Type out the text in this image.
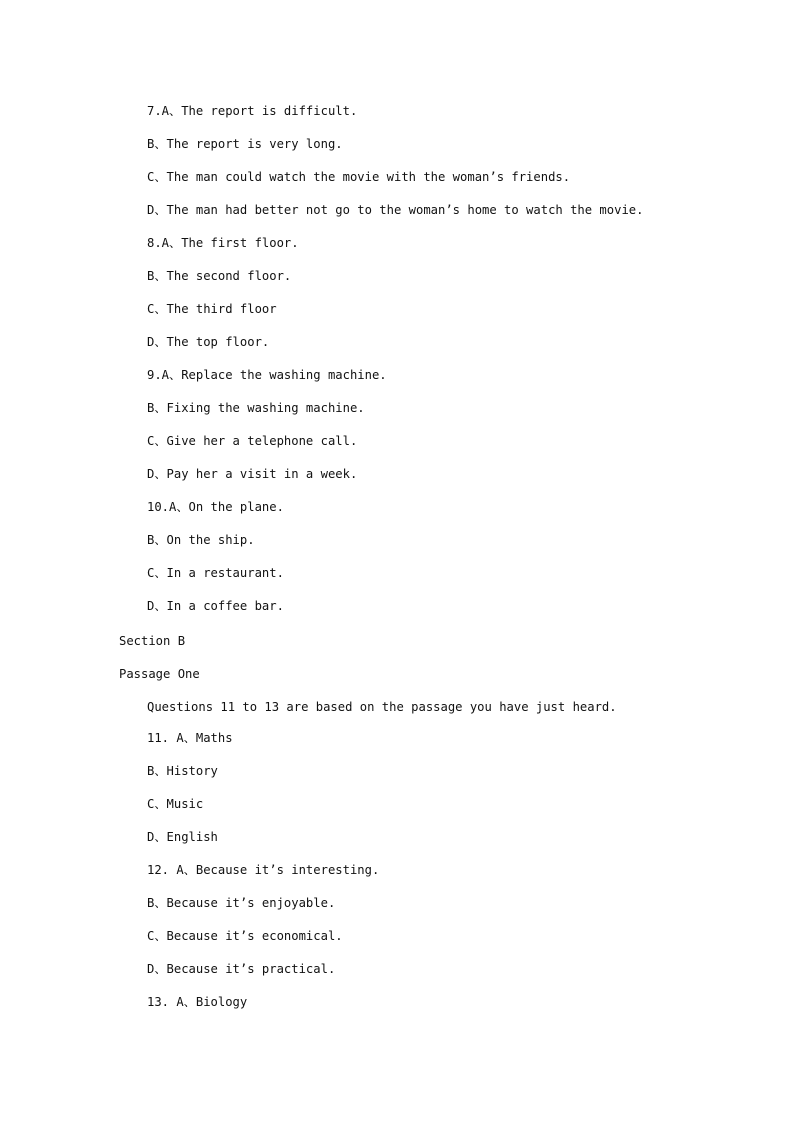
7.A、The report is difficult.
B、The report is very long.
C、The man could watch the movie with the woman’s friends.
D、The man had better not go to the woman’s home to watch the movie.
8.A、The first floor.
B、The second floor.
C、The third floor
D、The top floor.
9.A、Replace the washing machine.
B、Fixing the washing machine.
C、Give her a telephone call.
D、Pay her a visit in a week.
10.A、On the plane.
B、On the ship.
C、In a restaurant.
D、In a coffee bar.
Section B
Passage One
Questions 11 to 13 are based on the passage you have just heard.
11. A、Maths
B、History
C、Music
D、English
12. A、Because it’s interesting.
B、Because it’s enjoyable.
C、Because it’s economical.
D、Because it’s practical.
13. A、Biology
